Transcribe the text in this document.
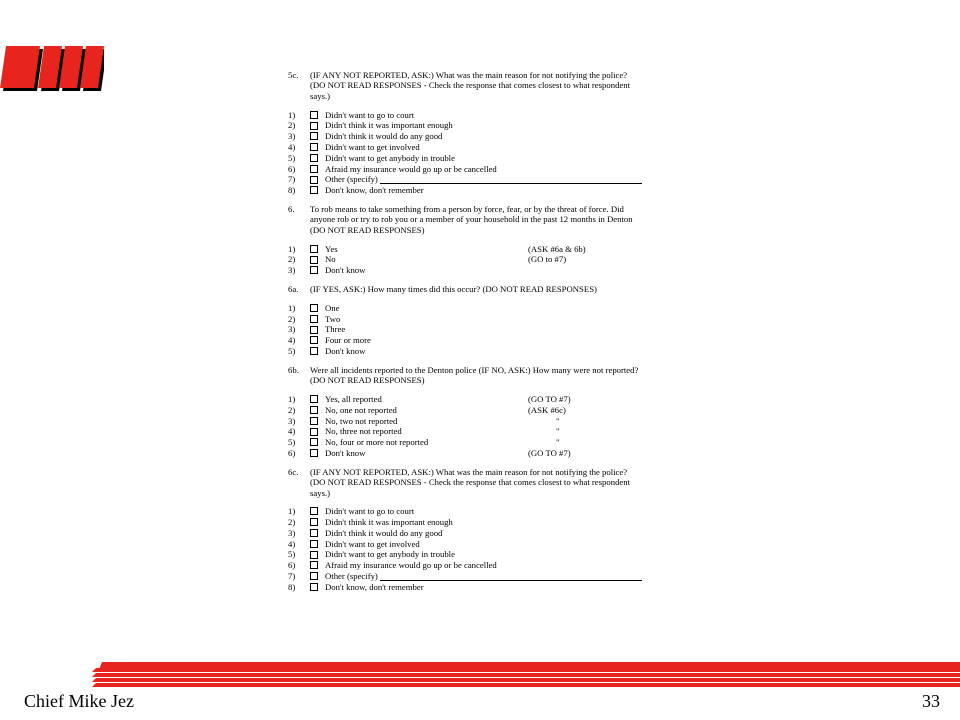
5c.	(IF ANY NOT REPORTED, ASK:) What was the main reason for not notifying the police?
(DO NOT READ RESPONSES - Check the response that comes closest to what respondent
says.)
1)	Didn't want to go to court
2)	Didn't think it was important enough
3)	Didn't think it would do any good
4)	Didn't want to get involved
5)	Didn't want to get anybody in trouble
6)	Afraid my insurance would go up or be cancelled
7)	Other (specify)
8)	Don't know, don't remember
6.	To rob means to take something from a person by force, fear, or by the threat of force. Did
anyone rob or try to rob you or a member of your household in the past 12 months in Denton
(DO NOT READ RESPONSES)
1)	Yes	(ASK #6a & 6b)
2)	No	(GO to #7)
3)	Don't know
6a.	(IF YES, ASK:) How many times did this occur? (DO NOT READ RESPONSES)
1)	One
2)	Two
3)	Three
4)	Four or more
5)	Don't know
6b.	Were all incidents reported to the Denton police (IF NO, ASK:) How many were not reported?
(DO NOT READ RESPONSES)
1)	Yes, all reported	(GO TO #7)
2)	No, one not reported	(ASK #6c)
3)	No, two not reported	"
4)	No, three not reported	"
5)	No, four or more not reported	"
6)	Don't know	(GO TO #7)
6c.	(IF ANY NOT REPORTED, ASK:) What was the main reason for not notifying the police?
(DO NOT READ RESPONSES - Check the response that comes closest to what respondent
says.)
1)	Didn't want to go to court
2)	Didn't think it was important enough
3)	Didn't think it would do any good
4)	Didn't want to get involved
5)	Didn't want to get anybody in trouble
6)	Afraid my insurance would go up or be cancelled
7)	Other (specify)
8)	Don't know, don't remember
Chief Mike Jez	33
